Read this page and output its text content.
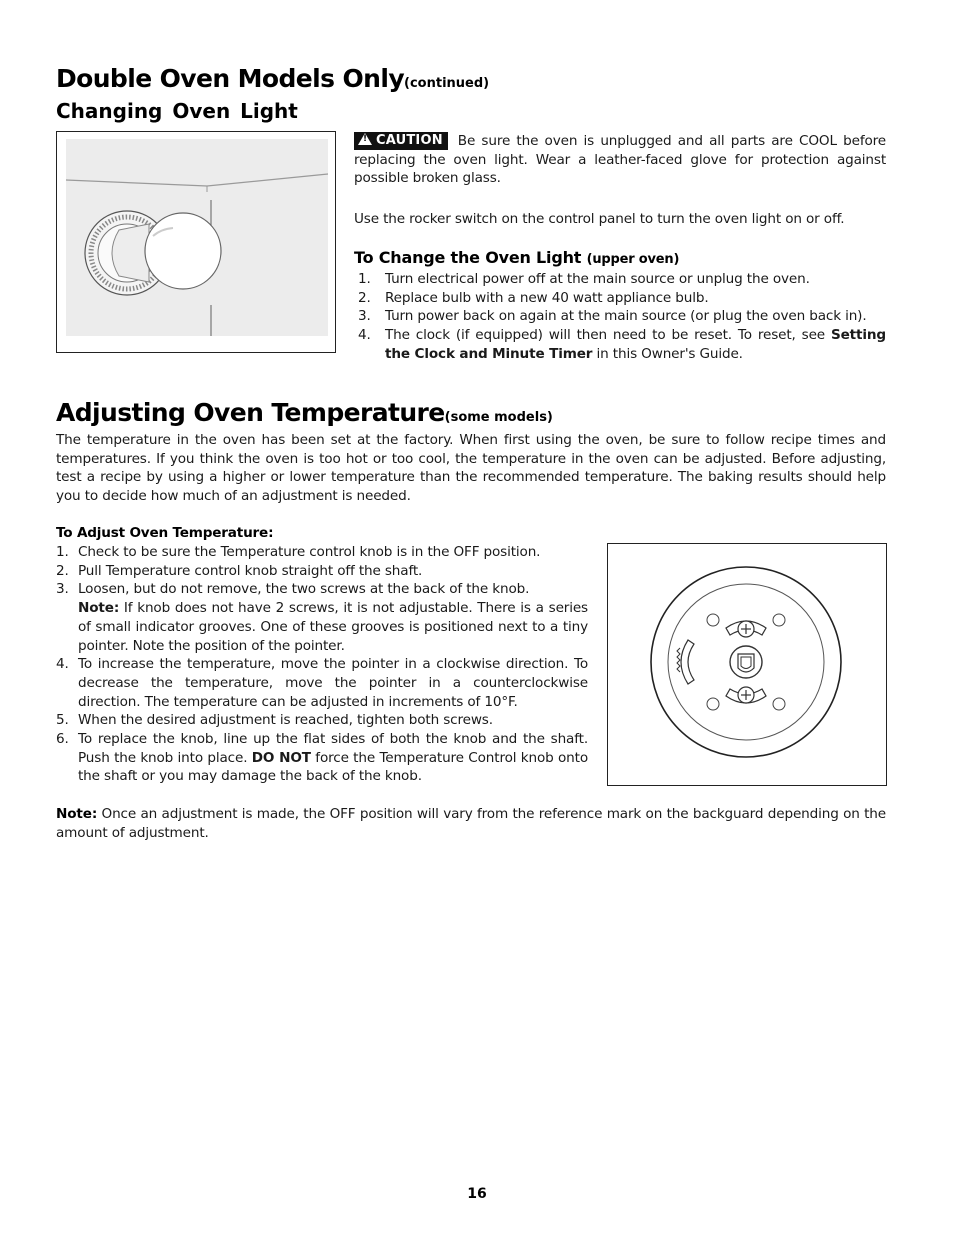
Double Oven Models Only(continued)
Changing Oven Light
!CAUTION Be sure the oven is unplugged and all parts are COOL before replacing the oven light. Wear a leather-faced glove for protection against possible broken glass.
Use the rocker switch on the control panel to turn the oven light on or off.
To Change the Oven Light (upper oven)
1. Turn electrical power off at the main source or unplug the oven.
2. Replace bulb with a new 40 watt appliance bulb.
3. Turn power back on again at the main source (or plug the oven back in).
4. The clock (if equipped) will then need to be reset. To reset, see Setting the Clock and Minute Timer in this Owner's Guide.
Adjusting Oven Temperature(some models)
The temperature in the oven has been set at the factory. When first using the oven, be sure to follow recipe times and temperatures. If you think the oven is too hot or too cool, the temperature in the oven can be adjusted. Before adjusting, test a recipe by using a higher or lower temperature than the recommended temperature. The baking results should help you to decide how much of an adjustment is needed.
To Adjust Oven Temperature:
1. Check to be sure the Temperature control knob is in the OFF position.
2. Pull Temperature control knob straight off the shaft.
3. Loosen, but do not remove, the two screws at the back of the knob.
Note: If knob does not have 2 screws, it is not adjustable. There is a series of small indicator grooves. One of these grooves is positioned next to a tiny pointer. Note the position of the pointer.
4. To increase the temperature, move the pointer in a clockwise direction. To decrease the temperature, move the pointer in a counterclockwise direction. The temperature can be adjusted in increments of 10°F.
5. When the desired adjustment is reached, tighten both screws.
6. To replace the knob, line up the flat sides of both the knob and the shaft. Push the knob into place. DO NOT force the Temperature Control knob onto the shaft or you may damage the back of the knob.
Note: Once an adjustment is made, the OFF position will vary from the reference mark on the backguard depending on the amount of adjustment.
16
